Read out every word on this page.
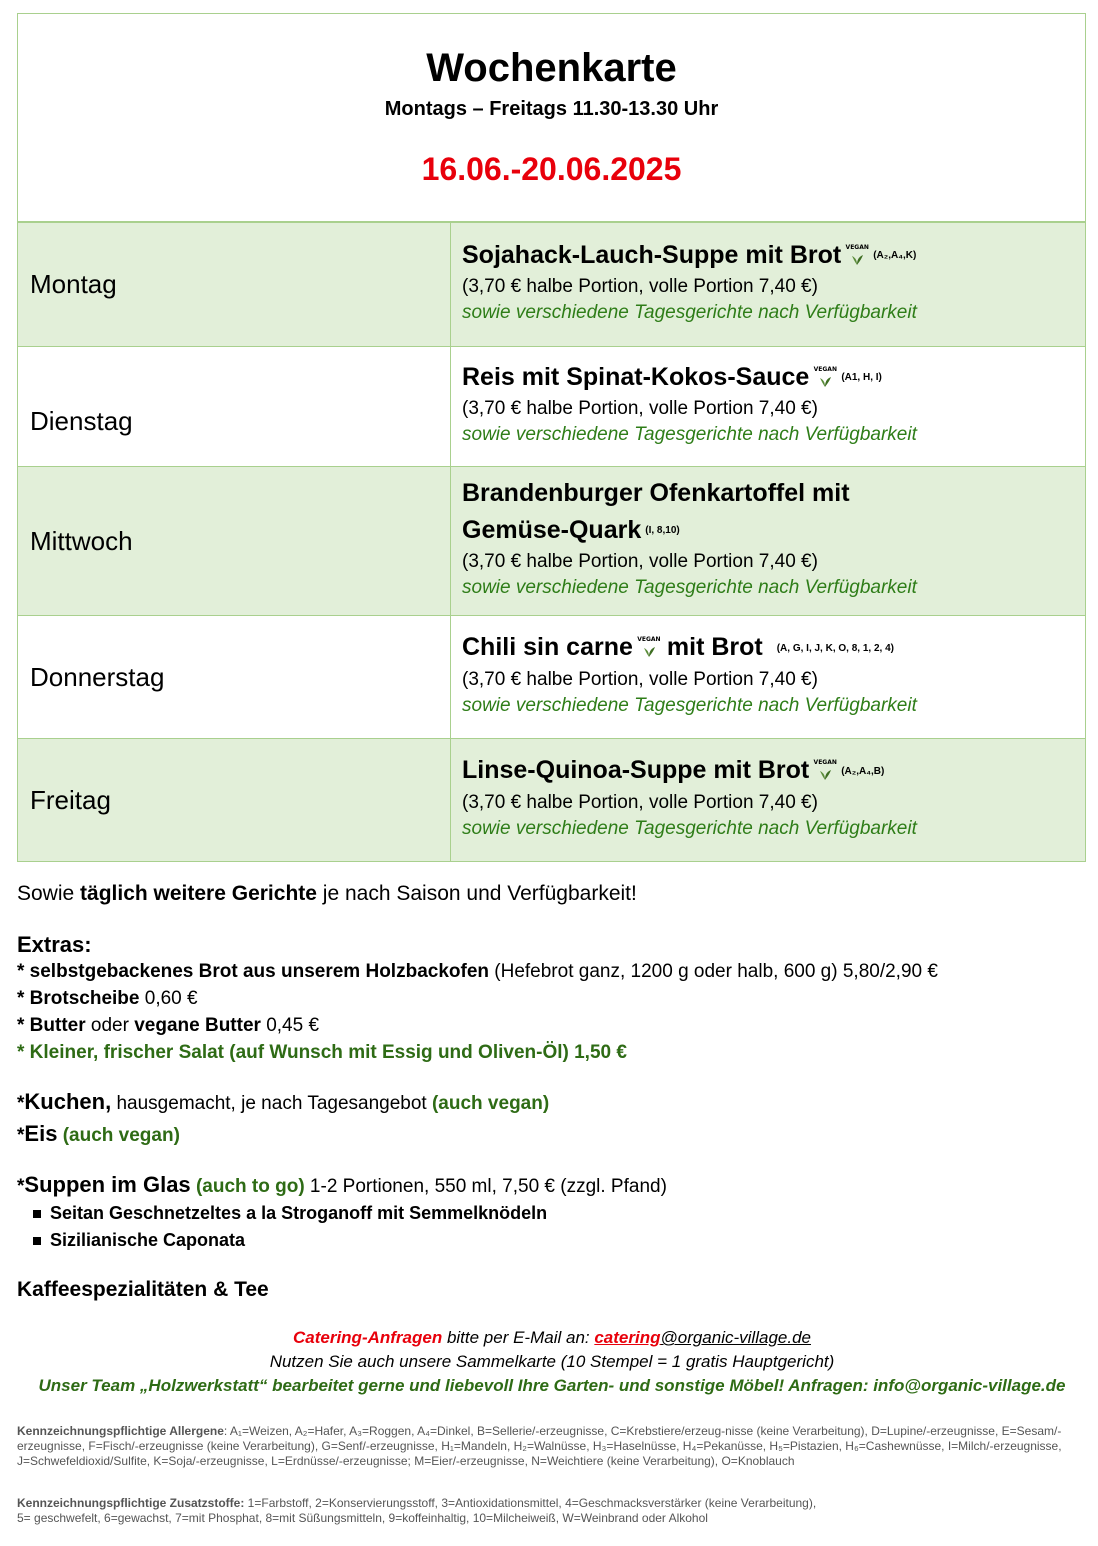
Wochenkarte
Montags – Freitags 11.30-13.30 Uhr
16.06.-20.06.2025
Montag	Sojahack-Lauch-Suppe mit Brot VEGAN
(A₂,A₄,K)
(3,70 € halbe Portion, volle Portion 7,40 €)
sowie verschiedene Tagesgerichte nach Verfügbarkeit

Dienstag	Reis mit Spinat-Kokos-Sauce VEGAN
(A1, H, I)
(3,70 € halbe Portion, volle Portion 7,40 €)
sowie verschiedene Tagesgerichte nach Verfügbarkeit

Mittwoch	Brandenburger Ofenkartoffel mit
Gemüse-Quark (I, 8,10)
(3,70 € halbe Portion, volle Portion 7,40 €)
sowie verschiedene Tagesgerichte nach Verfügbarkeit

Donnerstag	Chili sin carne VEGAN mit Brot (A, G, I, J, K, O, 8, 1, 2, 4)
(3,70 € halbe Portion, volle Portion 7,40 €)
sowie verschiedene Tagesgerichte nach Verfügbarkeit

Freitag	Linse-Quinoa-Suppe mit Brot VEGAN
(A₂,A₄,B)
(3,70 € halbe Portion, volle Portion 7,40 €)
sowie verschiedene Tagesgerichte nach Verfügbarkeit
Sowie täglich weitere Gerichte je nach Saison und Verfügbarkeit!
Extras:
* selbstgebackenes Brot aus unserem Holzbackofen (Hefebrot ganz, 1200 g oder halb, 600 g) 5,80/2,90 €
* Brotscheibe 0,60 €
* Butter oder vegane Butter 0,45 €
* Kleiner, frischer Salat (auf Wunsch mit Essig und Oliven-Öl) 1,50 €
*Kuchen, hausgemacht, je nach Tagesangebot (auch vegan)
*Eis (auch vegan)
*Suppen im Glas (auch to go) 1-2 Portionen, 550 ml, 7,50 € (zzgl. Pfand)
Seitan Geschnetzeltes a la Stroganoff mit Semmelknödeln
Sizilianische Caponata
Kaffeespezialitäten & Tee
Catering-Anfragen bitte per E-Mail an: catering@organic-village.de
Nutzen Sie auch unsere Sammelkarte (10 Stempel = 1 gratis Hauptgericht)
Unser Team „Holzwerkstatt“ bearbeitet gerne und liebevoll Ihre Garten- und sonstige Möbel! Anfragen: info@organic-village.de
Kennzeichnungspflichtige Allergene: A₁=Weizen, A₂=Hafer, A₃=Roggen, A₄=Dinkel, B=Sellerie/-erzeugnisse, C=Krebstiere/erzeug-nisse (keine Verarbeitung), D=Lupine/-erzeugnisse, E=Sesam/-erzeugnisse, F=Fisch/-erzeugnisse (keine Verarbeitung), G=Senf/-erzeugnisse, H₁=Mandeln, H₂=Walnüsse, H₃=Haselnüsse, H₄=Pekanüsse, H₅=Pistazien, H₆=Cashewnüsse, I=Milch/-erzeugnisse, J=Schwefeldioxid/Sulfite, K=Soja/-erzeugnisse, L=Erdnüsse/-erzeugnisse; M=Eier/-erzeugnisse, N=Weichtiere (keine Verarbeitung), O=Knoblauch
Kennzeichnungspflichtige Zusatzstoffe: 1=Farbstoff, 2=Konservierungsstoff, 3=Antioxidationsmittel, 4=Geschmacksverstärker (keine Verarbeitung),
5= geschwefelt, 6=gewachst, 7=mit Phosphat, 8=mit Süßungsmitteln, 9=koffeinhaltig, 10=Milcheiweiß, W=Weinbrand oder Alkohol
